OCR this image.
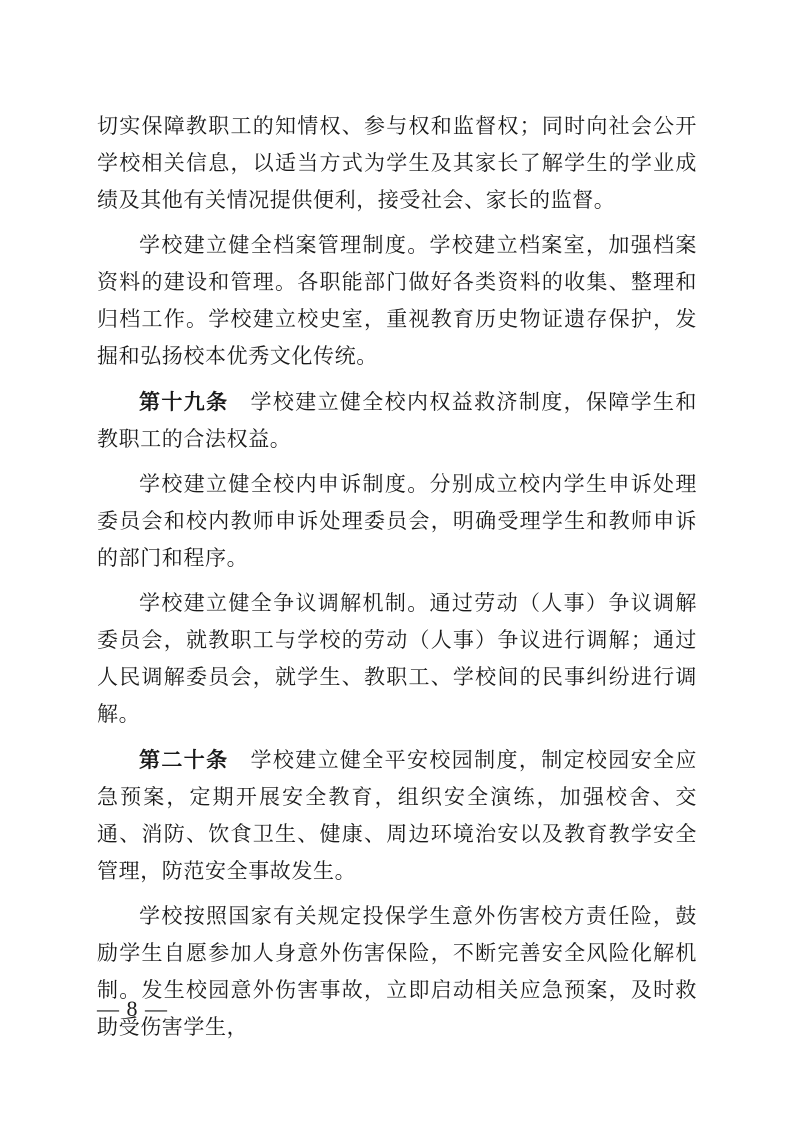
切实保障教职工的知情权、参与权和监督权；同时向社会公开学校相关信息，以适当方式为学生及其家长了解学生的学业成绩及其他有关情况提供便利，接受社会、家长的监督。

学校建立健全档案管理制度。学校建立档案室，加强档案资料的建设和管理。各职能部门做好各类资料的收集、整理和归档工作。学校建立校史室，重视教育历史物证遗存保护，发掘和弘扬校本优秀文化传统。

第十九条 学校建立健全校内权益救济制度，保障学生和教职工的合法权益。

学校建立健全校内申诉制度。分别成立校内学生申诉处理委员会和校内教师申诉处理委员会，明确受理学生和教师申诉的部门和程序。

学校建立健全争议调解机制。通过劳动（人事）争议调解委员会，就教职工与学校的劳动（人事）争议进行调解；通过人民调解委员会，就学生、教职工、学校间的民事纠纷进行调解。

第二十条 学校建立健全平安校园制度，制定校园安全应急预案，定期开展安全教育，组织安全演练，加强校舍、交通、消防、饮食卫生、健康、周边环境治安以及教育教学安全管理，防范安全事故发生。

学校按照国家有关规定投保学生意外伤害校方责任险，鼓励学生自愿参加人身意外伤害保险，不断完善安全风险化解机制。发生校园意外伤害事故，立即启动相关应急预案，及时救助受伤害学生，

— 8 —
